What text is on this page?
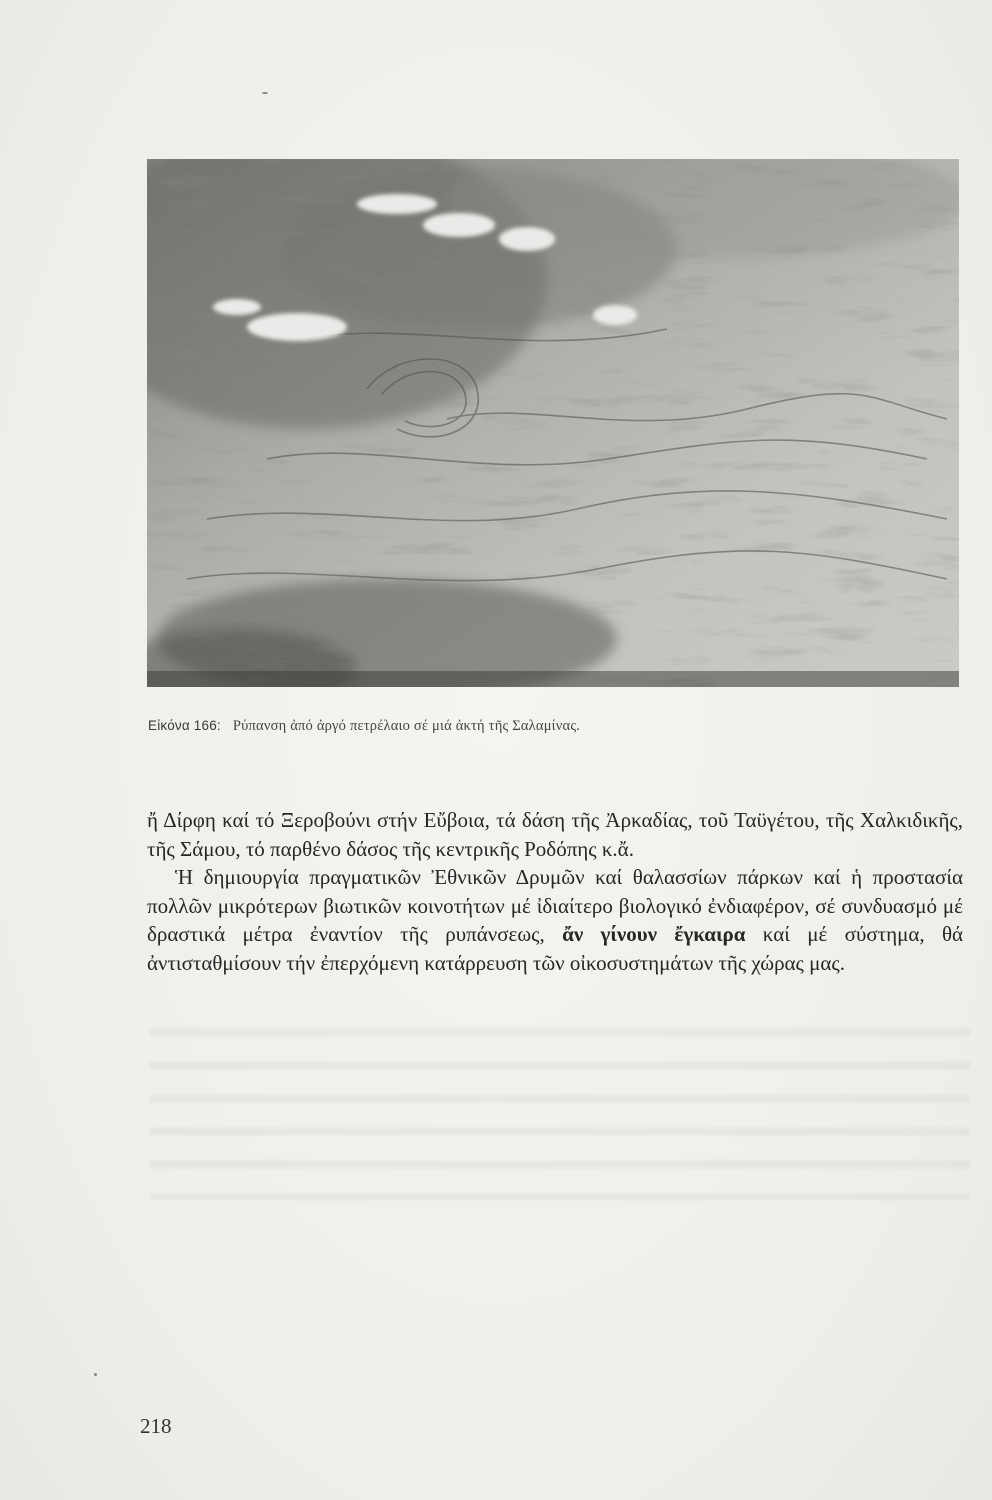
Εἰκόνα 166: Ρύπανση ἀπό ἀργό πετρέλαιο σέ μιά ἀκτή τῆς Σαλαμίνας.

ἤ Δίρφη καί τό Ξεροβούνι στήν Εὔβοια, τά δάση τῆς Ἀρκαδίας, τοῦ Ταϋγέτου, τῆς Χαλκιδικῆς, τῆς Σάμου, τό παρθένο δάσος τῆς κεντρικῆς Ροδόπης κ.ἄ.

Ἡ δημιουργία πραγματικῶν Ἐθνικῶν Δρυμῶν καί θαλασσίων πάρκων καί ἡ προστασία πολλῶν μικρότερων βιωτικῶν κοινοτήτων μέ ἰδιαίτερο βιολογικό ἐνδιαφέρον, σέ συνδυασμό μέ δραστικά μέτρα ἐναντίον τῆς ρυπάνσεως, ἄν γίνουν ἔγκαιρα καί μέ σύστημα, θά ἀντισταθμίσουν τήν ἐπερχόμενη κατάρρευση τῶν οἰκοσυστημάτων τῆς χώρας μας.

218
